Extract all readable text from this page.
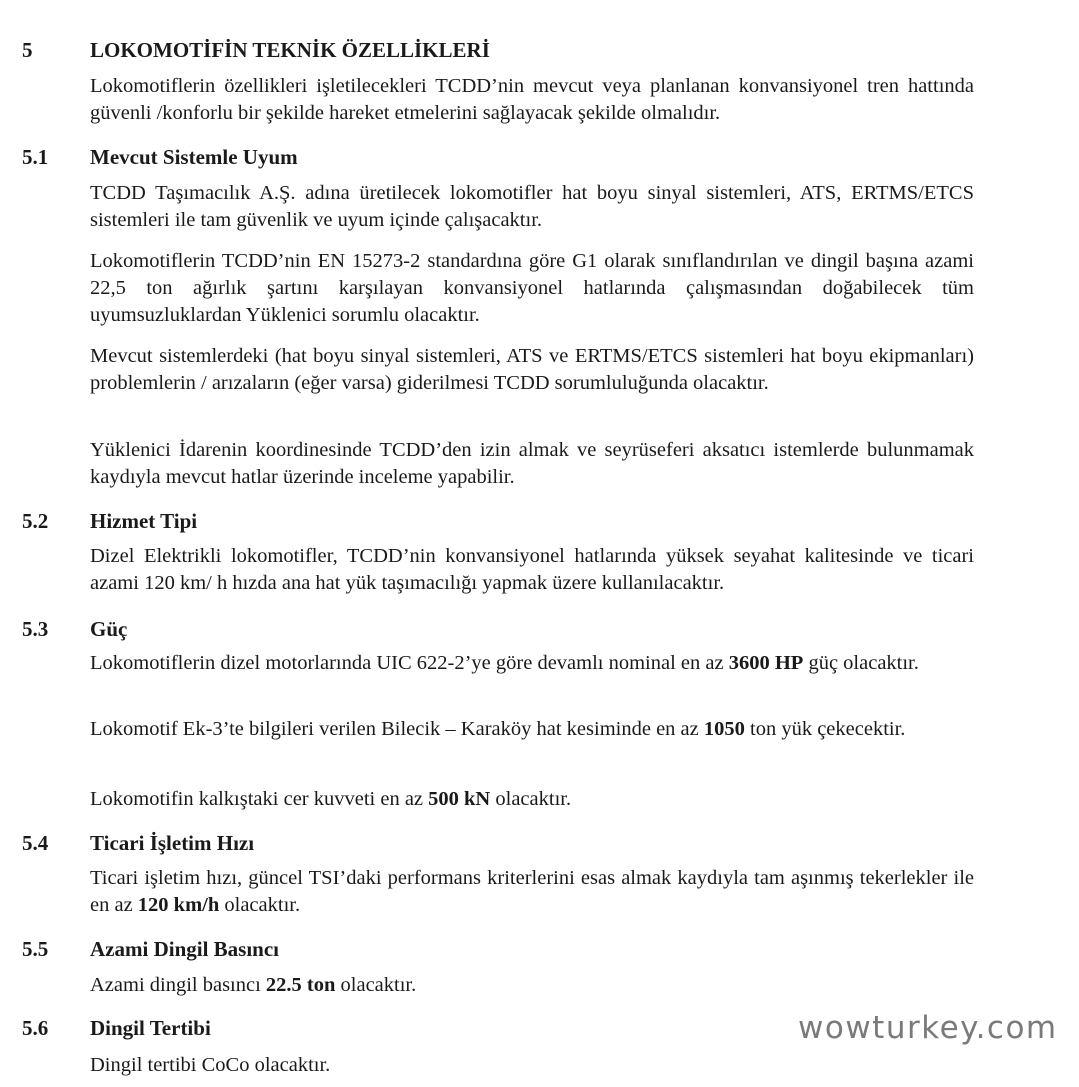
5	LOKOMOTİFİN TEKNİK ÖZELLİKLERİ
Lokomotiflerin özellikleri işletilecekleri TCDD’nin mevcut veya planlanan konvansiyonel tren hattında güvenli /konforlu bir şekilde hareket etmelerini sağlayacak şekilde olmalıdır.
5.1 Mevcut Sistemle Uyum
TCDD Taşımacılık A.Ş. adına üretilecek lokomotifler hat boyu sinyal sistemleri, ATS, ERTMS/ETCS sistemleri ile tam güvenlik ve uyum içinde çalışacaktır.
Lokomotiflerin TCDD’nin EN 15273-2 standardına göre G1 olarak sınıflandırılan ve dingil başına azami 22,5 ton ağırlık şartını karşılayan konvansiyonel hatlarında çalışmasından doğabilecek tüm uyumsuzluklardan Yüklenici sorumlu olacaktır.
Mevcut sistemlerdeki (hat boyu sinyal sistemleri, ATS ve ERTMS/ETCS sistemleri hat boyu ekipmanları) problemlerin / arızaların (eğer varsa) giderilmesi TCDD sorumluluğunda olacaktır.
Yüklenici İdarenin koordinesinde TCDD’den izin almak ve seyrüseferi aksatıcı istemlerde bulunmamak kaydıyla mevcut hatlar üzerinde inceleme yapabilir.
5.2 Hizmet Tipi
Dizel Elektrikli lokomotifler, TCDD’nin konvansiyonel hatlarında yüksek seyahat kalitesinde ve ticari azami 120 km/ h hızda ana hat yük taşımacılığı yapmak üzere kullanılacaktır.
5.3 Güç
Lokomotiflerin dizel motorlarında UIC 622-2’ye göre devamlı nominal en az 3600 HP güç olacaktır.
Lokomotif Ek-3’te bilgileri verilen Bilecik – Karaköy hat kesiminde en az 1050 ton yük çekecektir.
Lokomotifin kalkıştaki cer kuvveti en az 500 kN olacaktır.
5.4 Ticari İşletim Hızı
Ticari işletim hızı, güncel TSI’daki performans kriterlerini esas almak kaydıyla tam aşınmış tekerlekler ile en az 120 km/h olacaktır.
5.5 Azami Dingil Basıncı
Azami dingil basıncı 22.5 ton olacaktır.
5.6 Dingil Tertibi
Dingil tertibi CoCo olacaktır.
wowturkey.com
